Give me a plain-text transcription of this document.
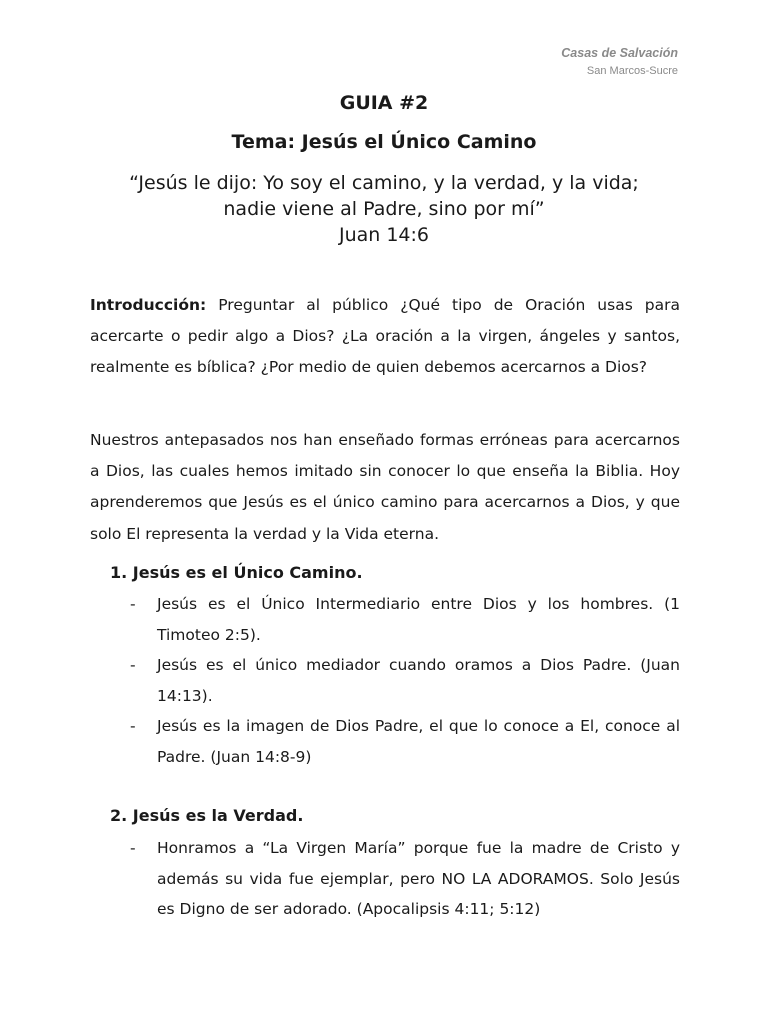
Casas de Salvación
San Marcos-Sucre
GUIA #2
Tema: Jesús el Único Camino
“Jesús le dijo: Yo soy el camino, y la verdad, y la vida;
nadie viene al Padre, sino por mí”
Juan 14:6

Introducción: Preguntar al público ¿Qué tipo de Oración usas para acercarte o pedir algo a Dios? ¿La oración a la virgen, ángeles y santos, realmente es bíblica? ¿Por medio de quien debemos acercarnos a Dios?

Nuestros antepasados nos han enseñado formas erróneas para acercarnos a Dios, las cuales hemos imitado sin conocer lo que enseña la Biblia. Hoy aprenderemos que Jesús es el único camino para acercarnos a Dios, y que solo El representa la verdad y la Vida eterna.

1. Jesús es el Único Camino.
- Jesús es el Único Intermediario entre Dios y los hombres. (1 Timoteo 2:5).
- Jesús es el único mediador cuando oramos a Dios Padre. (Juan 14:13).
- Jesús es la imagen de Dios Padre, el que lo conoce a El, conoce al Padre. (Juan 14:8-9)
2. Jesús es la Verdad.
- Honramos a “La Virgen María” porque fue la madre de Cristo y además su vida fue ejemplar, pero NO LA ADORAMOS. Solo Jesús es Digno de ser adorado. (Apocalipsis 4:11; 5:12)
